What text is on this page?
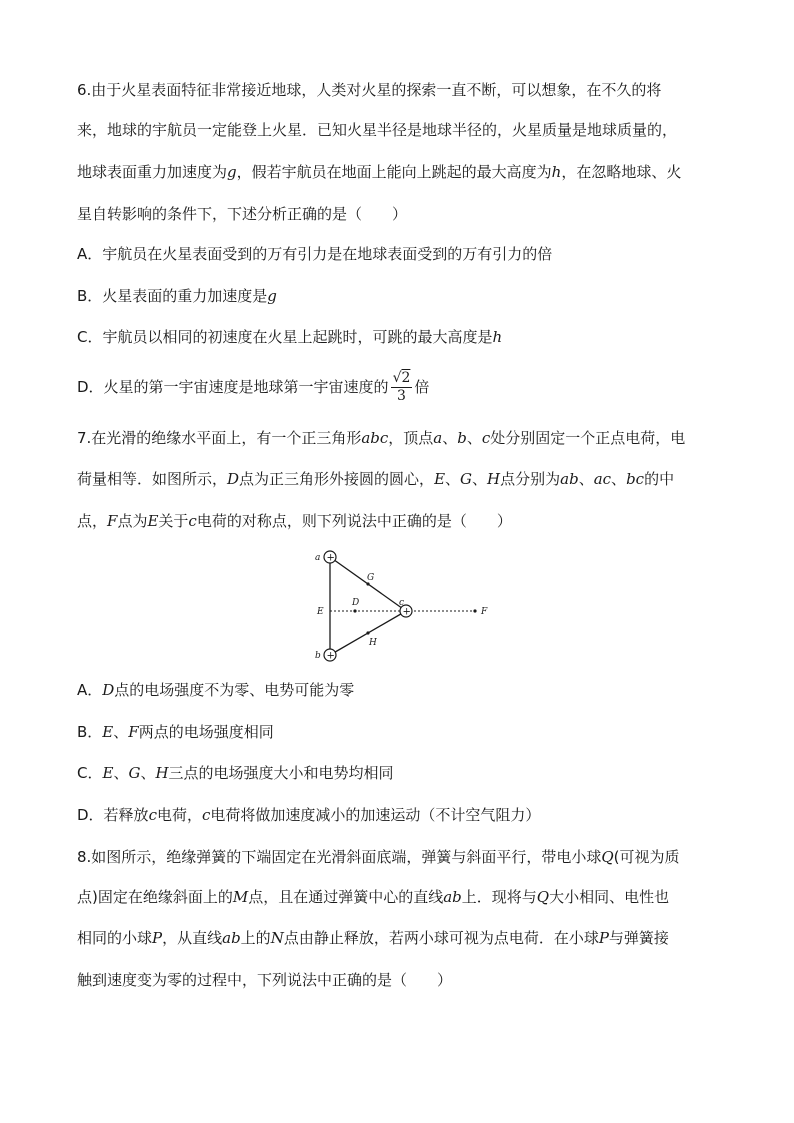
6.由于火星表面特征非常接近地球，人类对火星的探索一直不断，可以想象，在不久的将
来，地球的宇航员一定能登上火星．已知火星半径是地球半径的，火星质量是地球质量的，
地球表面重力加速度为g，假若宇航员在地面上能向上跳起的最大高度为h，在忽略地球、火
星自转影响的条件下，下述分析正确的是（　　）
A．宇航员在火星表面受到的万有引力是在地球表面受到的万有引力的倍
B．火星表面的重力加速度是g
C．宇航员以相同的初速度在火星上起跳时，可跳的最大高度是h
D．火星的第一宇宙速度是地球第一宇宙速度的 $\frac{√2}{3}$ 倍
7.在光滑的绝缘水平面上，有一个正三角形abc，顶点a、b、c处分别固定一个正点电荷，电
荷量相等．如图所示，D点为正三角形外接圆的圆心，E、G、H点分别为ab、ac、bc的中
点，F点为E关于c电荷的对称点，则下列说法中正确的是（　　）
+
+
+
a
b
c
D
E	F
G
H
A．D点的电场强度不为零、电势可能为零
B．E、F两点的电场强度相同
C．E、G、H三点的电场强度大小和电势均相同
D．若释放c电荷，c电荷将做加速度减小的加速运动（不计空气阻力）
8.如图所示，绝缘弹簧的下端固定在光滑斜面底端，弹簧与斜面平行，带电小球Q(可视为质
点)固定在绝缘斜面上的M点，且在通过弹簧中心的直线ab上．现将与Q大小相同、电性也
相同的小球P，从直线ab上的N点由静止释放，若两小球可视为点电荷．在小球P与弹簧接
触到速度变为零的过程中，下列说法中正确的是（　　）
